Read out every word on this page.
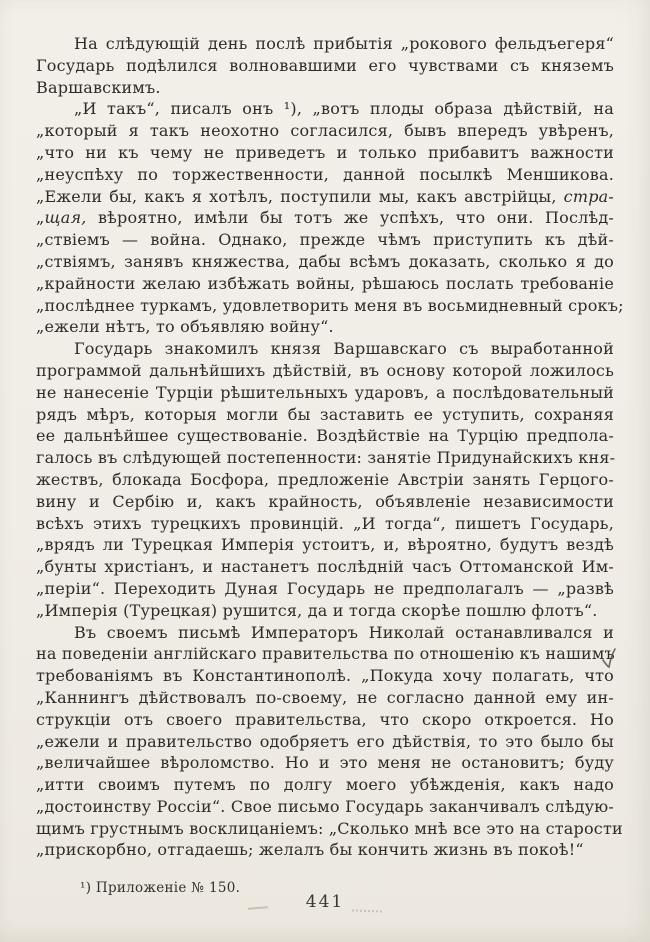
На слѣдующій день послѣ прибытія „рокового фельдъегеря“
Государь подѣлился волновавшими его чувствами съ княземъ
Варшавскимъ.
„И такъ“, писалъ онъ ¹), „вотъ плоды образа дѣйствій, на
„который я такъ неохотно согласился, бывъ впередъ увѣренъ,
„что ни къ чему не приведетъ и только прибавитъ важности
„неуспѣху по торжественности, данной посылкѣ Меншикова.
„Ежели бы, какъ я хотѣлъ, поступили мы, какъ австрійцы, стра-
„щая, вѣроятно, имѣли бы тотъ же успѣхъ, что они. Послѣд-
„ствіемъ — война. Однако, прежде чѣмъ приступить къ дѣй-
„ствіямъ, занявъ княжества, дабы всѣмъ доказать, сколько я до
„крайности желаю избѣжать войны, рѣшаюсь послать требованіе
„послѣднее туркамъ, удовлетворить меня въ восьмидневный срокъ;
„ежели нѣтъ, то объявляю войну“.
Государь знакомилъ князя Варшавскаго съ выработанной
программой дальнѣйшихъ дѣйствій, въ основу которой ложилось
не нанесеніе Турціи рѣшительныхъ ударовъ, а послѣдовательный
рядъ мѣръ, которыя могли бы заставить ее уступить, сохраняя
ее дальнѣйшее существованіе. Воздѣйствіе на Турцію предпола-
галось въ слѣдующей постепенности: занятіе Придунайскихъ кня-
жествъ, блокада Босфора, предложеніе Австріи занять Герцого-
вину и Сербію и, какъ крайность, объявленіе независимости
всѣхъ этихъ турецкихъ провинцій. „И тогда“, пишетъ Государь,
„врядъ ли Турецкая Имперія устоитъ, и, вѣроятно, будутъ вездѣ
„бунты христіанъ, и настанетъ послѣдній часъ Оттоманской Им-
„періи“. Переходить Дуная Государь не предполагалъ — „развѣ
„Имперія (Турецкая) рушится, да и тогда скорѣе пошлю флотъ“.
Въ своемъ письмѣ Императоръ Николай останавливался и
на поведеніи англійскаго правительства по отношенію къ нашимъ
требованіямъ въ Константинополѣ. „Покуда хочу полагать, что
„Каннингъ дѣйствовалъ по-своему, не согласно данной ему ин-
струкціи отъ своего правительства, что скоро откроется. Но
„ежели и правительство одобряетъ его дѣйствія, то это было бы
„величайшее вѣроломство. Но и это меня не остановитъ; буду
„итти своимъ путемъ по долгу моего убѣжденія, какъ надо
„достоинству Россіи“. Свое письмо Государь заканчивалъ слѣдую-
щимъ грустнымъ восклицаніемъ: „Сколько мнѣ все это на старости
„прискорбно, отгадаешь; желалъ бы кончить жизнь въ покоѣ!“
¹) Приложеніе № 150.
441
